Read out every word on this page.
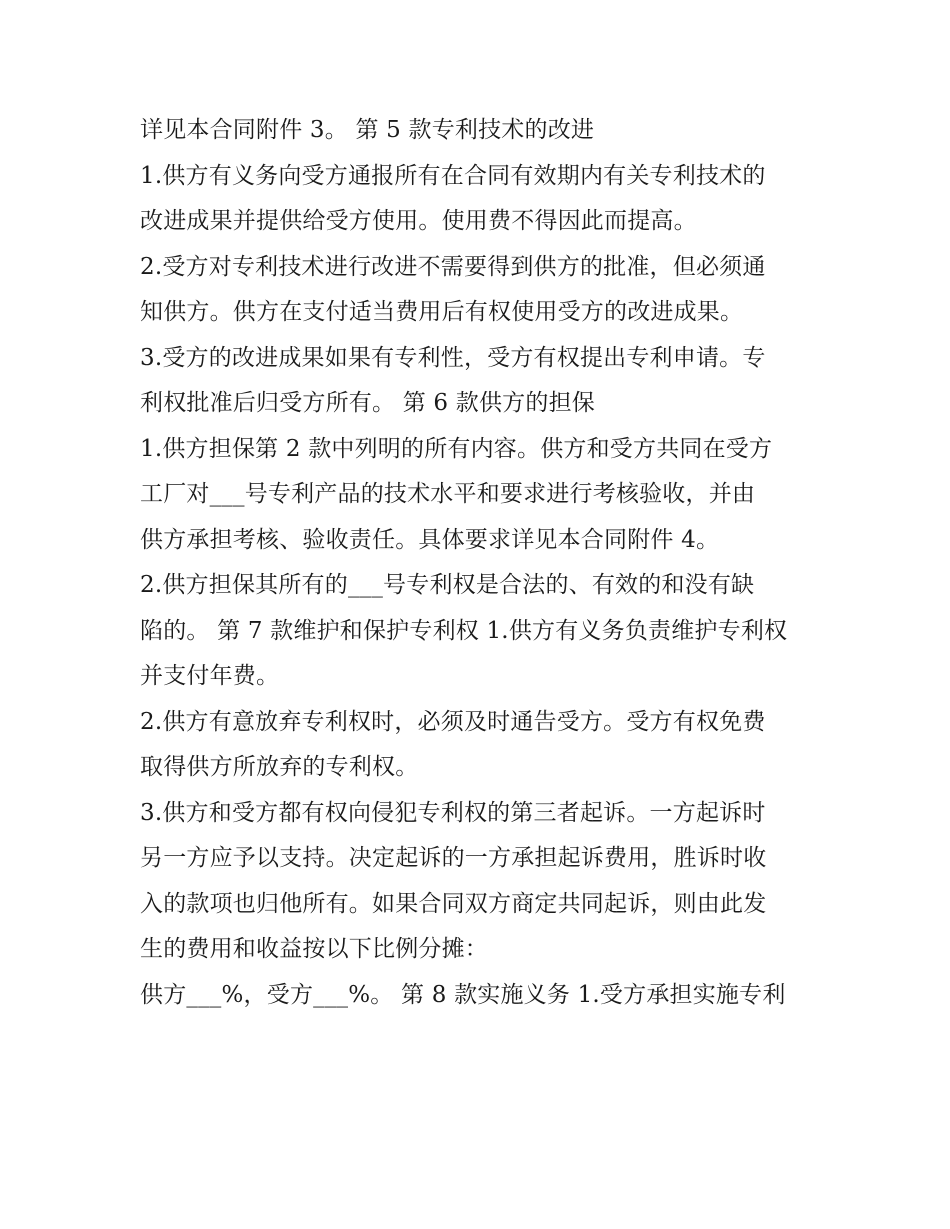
详见本合同附件 3。 第 5 款专利技术的改进
1.供方有义务向受方通报所有在合同有效期内有关专利技术的
改进成果并提供给受方使用。使用费不得因此而提高。
2.受方对专利技术进行改进不需要得到供方的批准，但必须通
知供方。供方在支付适当费用后有权使用受方的改进成果。
3.受方的改进成果如果有专利性，受方有权提出专利申请。专
利权批准后归受方所有。 第 6 款供方的担保
1.供方担保第 2 款中列明的所有内容。供方和受方共同在受方
工厂对___号专利产品的技术水平和要求进行考核验收，并由
供方承担考核、验收责任。具体要求详见本合同附件 4。
2.供方担保其所有的___号专利权是合法的、有效的和没有缺
陷的。 第 7 款维护和保护专利权 1.供方有义务负责维护专利权
并支付年费。
2.供方有意放弃专利权时，必须及时通告受方。受方有权免费
取得供方所放弃的专利权。
3.供方和受方都有权向侵犯专利权的第三者起诉。一方起诉时
另一方应予以支持。决定起诉的一方承担起诉费用，胜诉时收
入的款项也归他所有。如果合同双方商定共同起诉，则由此发
生的费用和收益按以下比例分摊：
供方___%，受方___%。 第 8 款实施义务 1.受方承担实施专利
